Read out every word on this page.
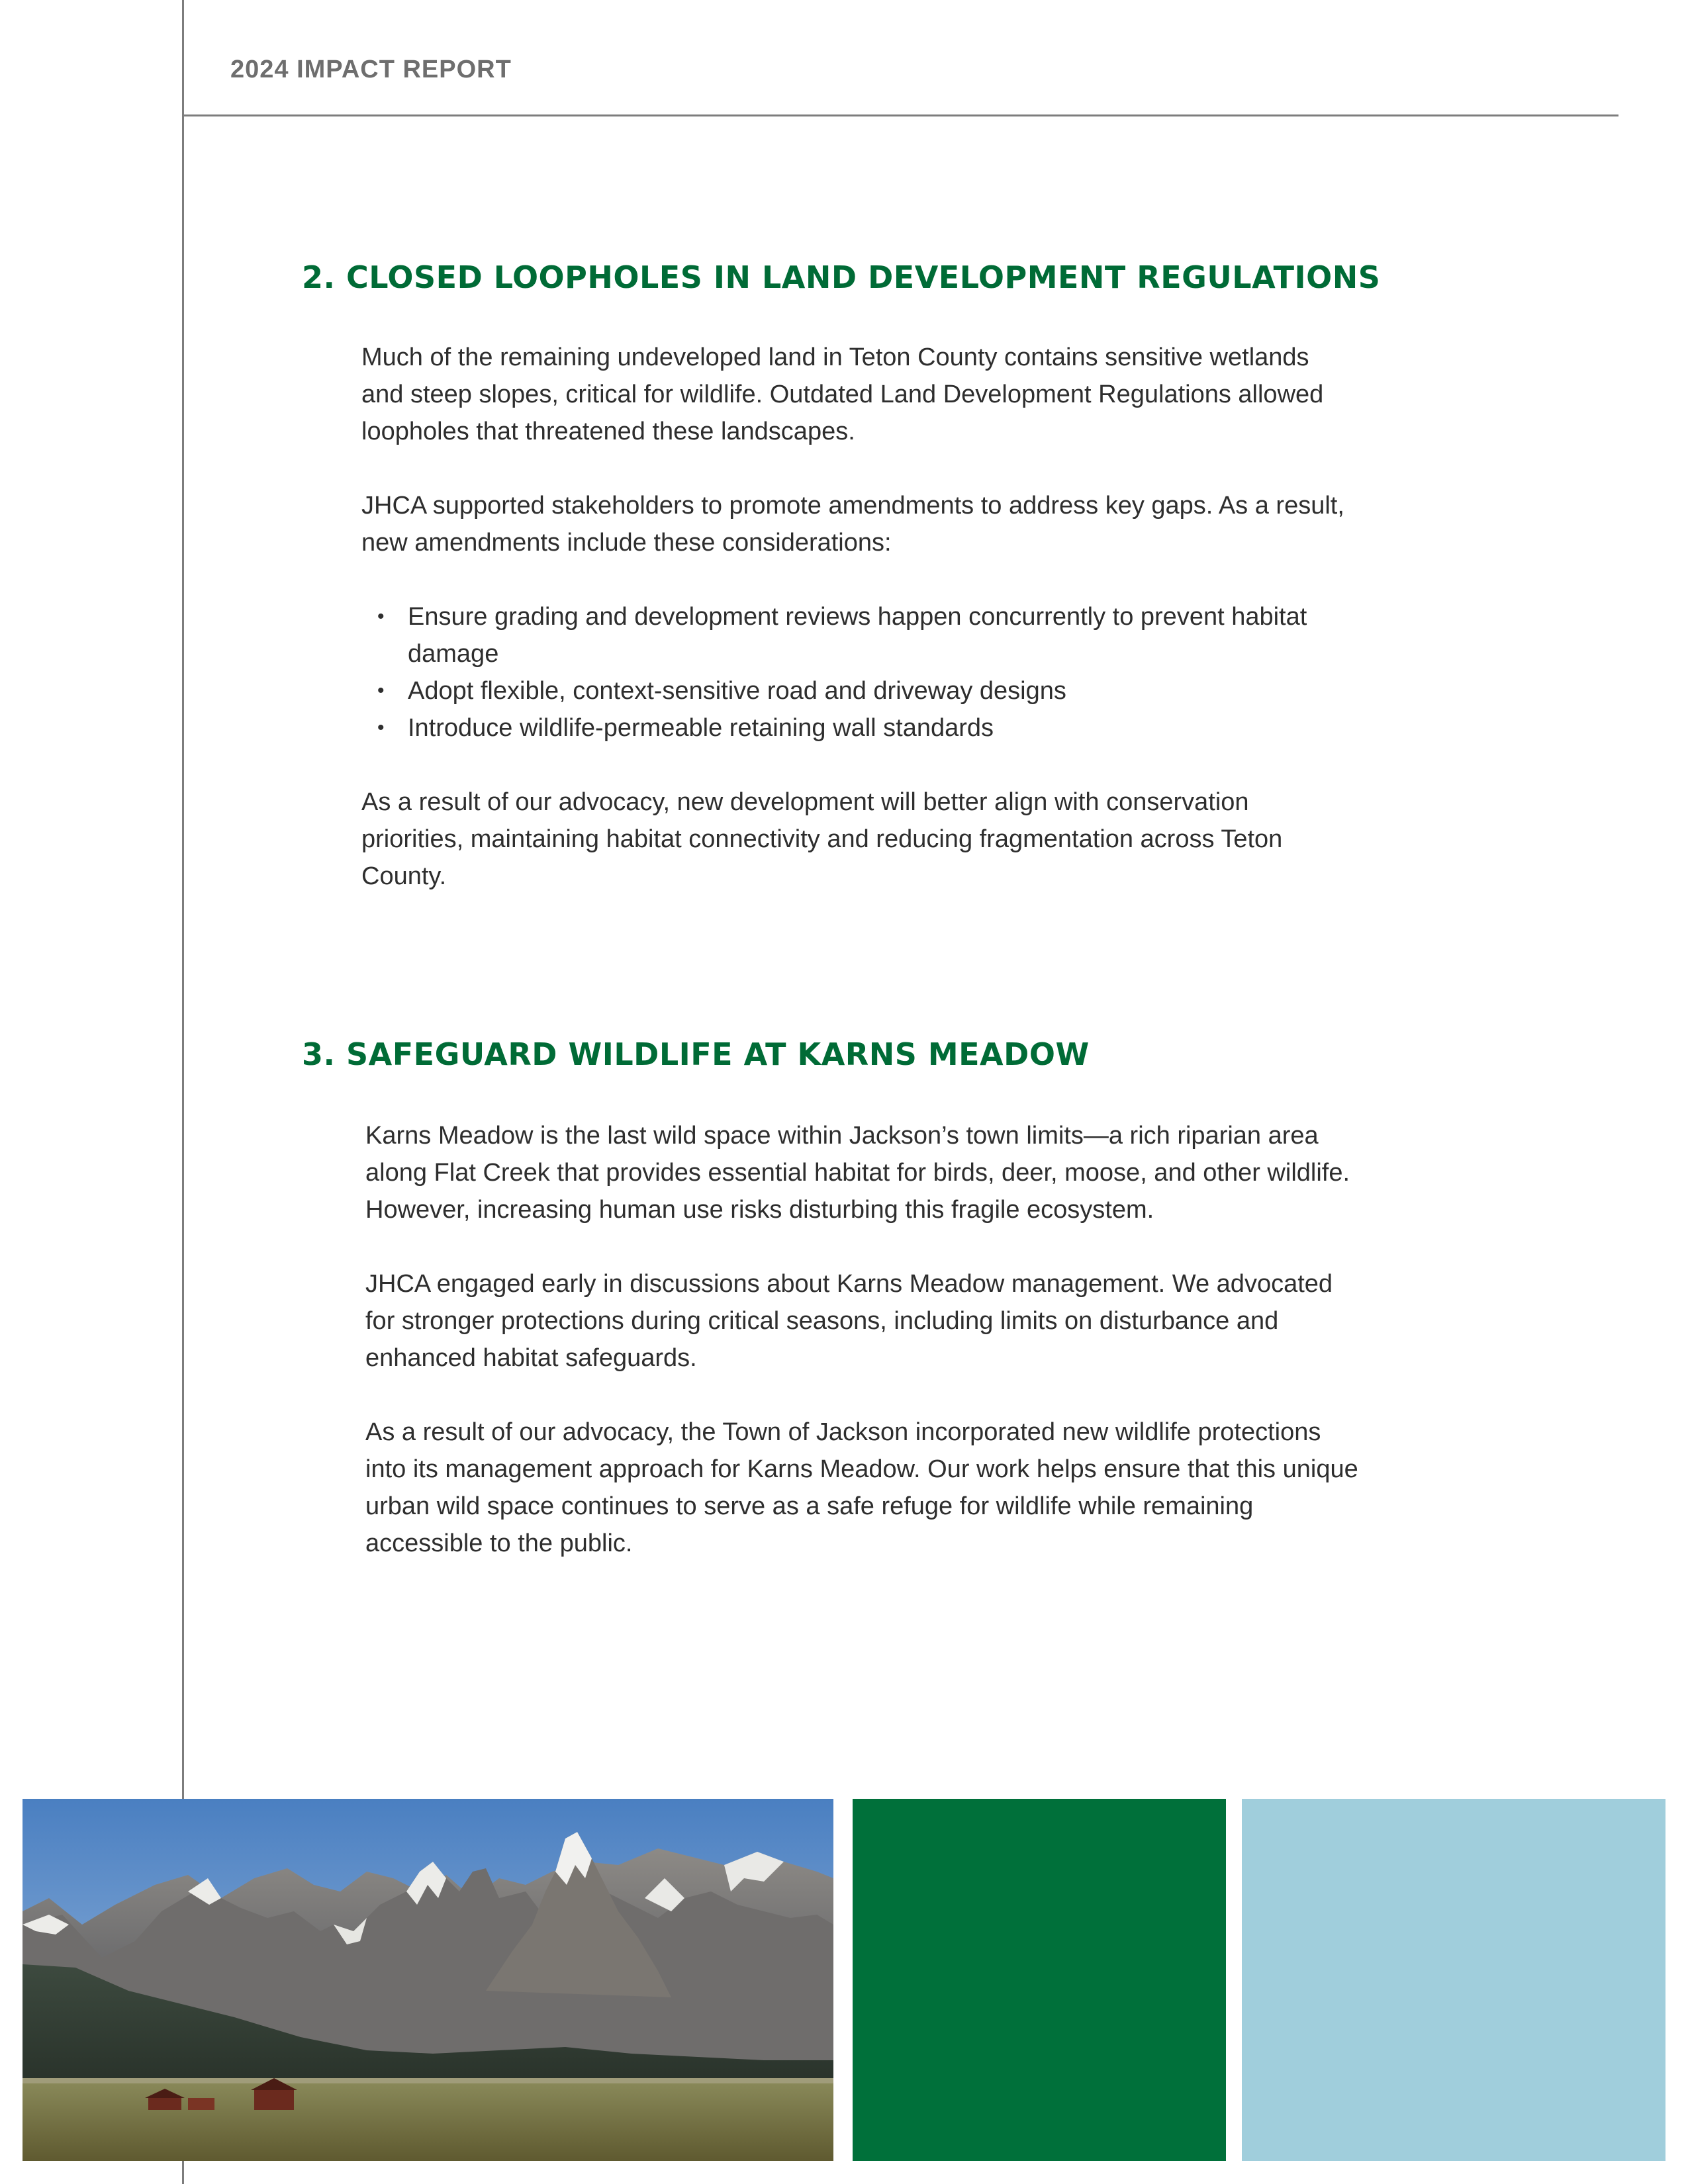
2024 IMPACT REPORT
2. CLOSED LOOPHOLES IN LAND DEVELOPMENT REGULATIONS

Much of the remaining undeveloped land in Teton County contains sensitive wetlands and steep slopes, critical for wildlife. Outdated Land Development Regulations allowed loopholes that threatened these landscapes.

JHCA supported stakeholders to promote amendments to address key gaps. As a result, new amendments include these considerations:

• Ensure grading and development reviews happen concurrently to prevent habitat damage
• Adopt flexible, context-sensitive road and driveway designs
• Introduce wildlife-permeable retaining wall standards

As a result of our advocacy, new development will better align with conservation priorities, maintaining habitat connectivity and reducing fragmentation across Teton County.

3. SAFEGUARD WILDLIFE AT KARNS MEADOW

Karns Meadow is the last wild space within Jackson’s town limits—a rich riparian area along Flat Creek that provides essential habitat for birds, deer, moose, and other wildlife. However, increasing human use risks disturbing this fragile ecosystem.

JHCA engaged early in discussions about Karns Meadow management. We advocated for stronger protections during critical seasons, including limits on disturbance and enhanced habitat safeguards.

As a result of our advocacy, the Town of Jackson incorporated new wildlife protections into its management approach for Karns Meadow. Our work helps ensure that this unique urban wild space continues to serve as a safe refuge for wildlife while remaining accessible to the public.
